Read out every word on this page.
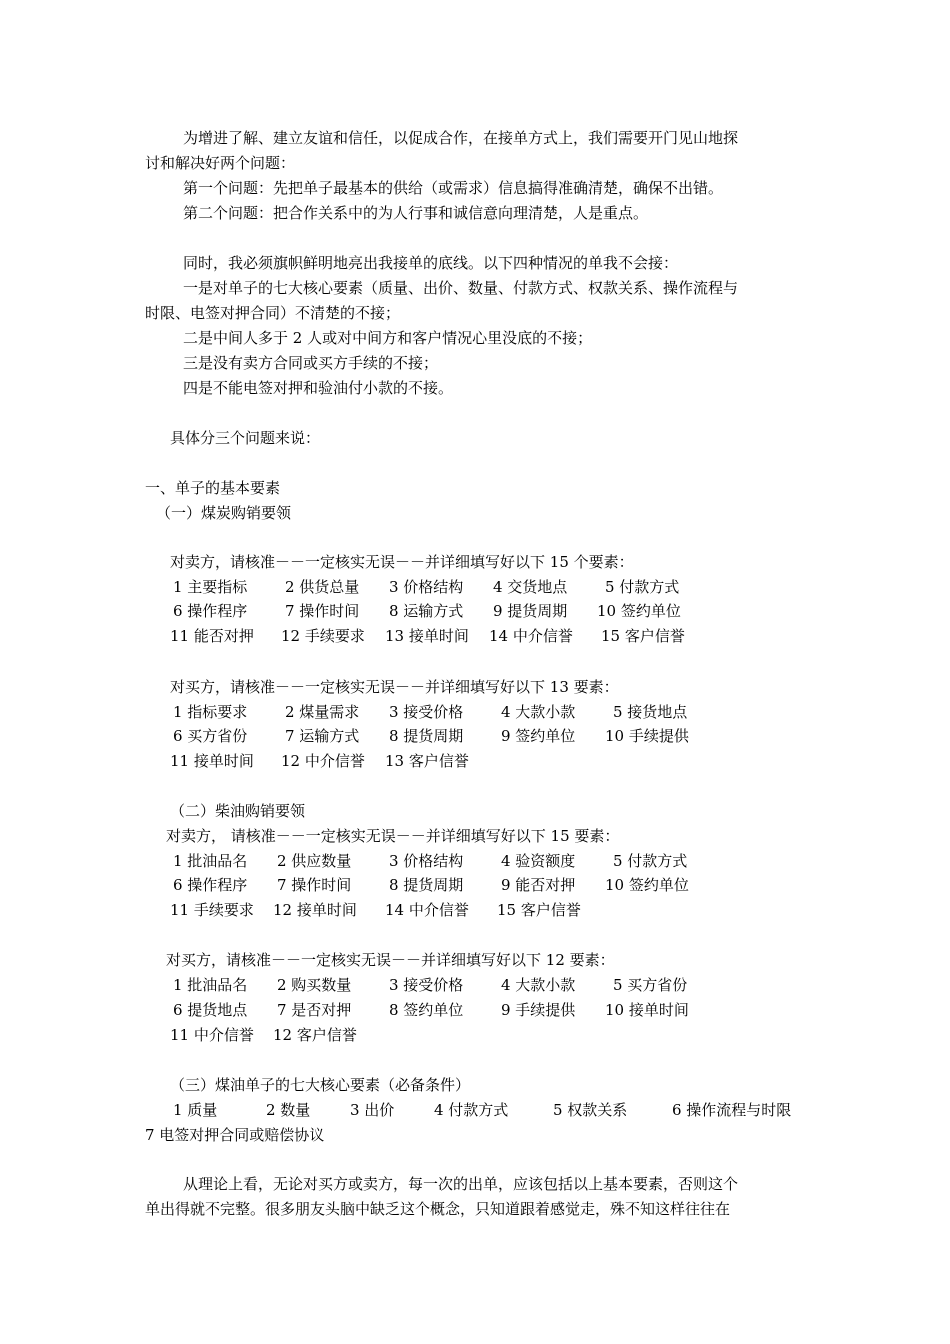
为增进了解、建立友谊和信任，以促成合作，在接单方式上，我们需要开门见山地探
讨和解决好两个问题：
第一个问题：先把单子最基本的供给（或需求）信息搞得准确清楚，确保不出错。
第二个问题：把合作关系中的为人行事和诚信意向理清楚，人是重点。
同时，我必须旗帜鲜明地亮出我接单的底线。以下四种情况的单我不会接：
一是对单子的七大核心要素（质量、出价、数量、付款方式、权款关系、操作流程与
时限、电签对押合同）不清楚的不接；
二是中间人多于 2 人或对中间方和客户情况心里没底的不接；
三是没有卖方合同或买方手续的不接；
四是不能电签对押和验油付小款的不接。
具体分三个问题来说：
一、单子的基本要素
（一）煤炭购销要领
对卖方，请核准－－一定核实无误－－并详细填写好以下 15 个要素：
1 主要指标	2 供货总量 3 价格结构 4 交货地点	5 付款方式
6 操作程序	7 操作时间 8 运输方式 9 提货周期 10 签约单位
11 能否对押 12 手续要求 13 接单时间 14 中介信誉 15 客户信誉
对买方，请核准－－一定核实无误－－并详细填写好以下 13 要素：
1 指标要求	2 煤量需求 3 接受价格	4 大款小款	5 接货地点
6 买方省份	7 运输方式 8 提货周期	9 签约单位 10 手续提供
11 接单时间 12 中介信誉 13 客户信誉
（二）柴油购销要领
对卖方， 请核准－－一定核实无误－－并详细填写好以下 15 要素：
1 批油品名 2 供应数量	3 价格结构	4 验资额度	5 付款方式
6 操作程序 7 操作时间	8 提货周期	9 能否对押 10 签约单位
11 手续要求 12 接单时间 14 中介信誉 15 客户信誉
对买方，请核准－－一定核实无误－－并详细填写好以下 12 要素：
1 批油品名 2 购买数量	3 接受价格	4 大款小款	5 买方省份
6 提货地点 7 是否对押	8 签约单位	9 手续提供 10 接单时间
11 中介信誉 12 客户信誉
（三）煤油单子的七大核心要素（必备条件）
1 质量	2 数量	3 出价	4 付款方式	5 权款关系	6 操作流程与时限
7 电签对押合同或赔偿协议
从理论上看，无论对买方或卖方，每一次的出单，应该包括以上基本要素，否则这个
单出得就不完整。很多朋友头脑中缺乏这个概念，只知道跟着感觉走，殊不知这样往往在
